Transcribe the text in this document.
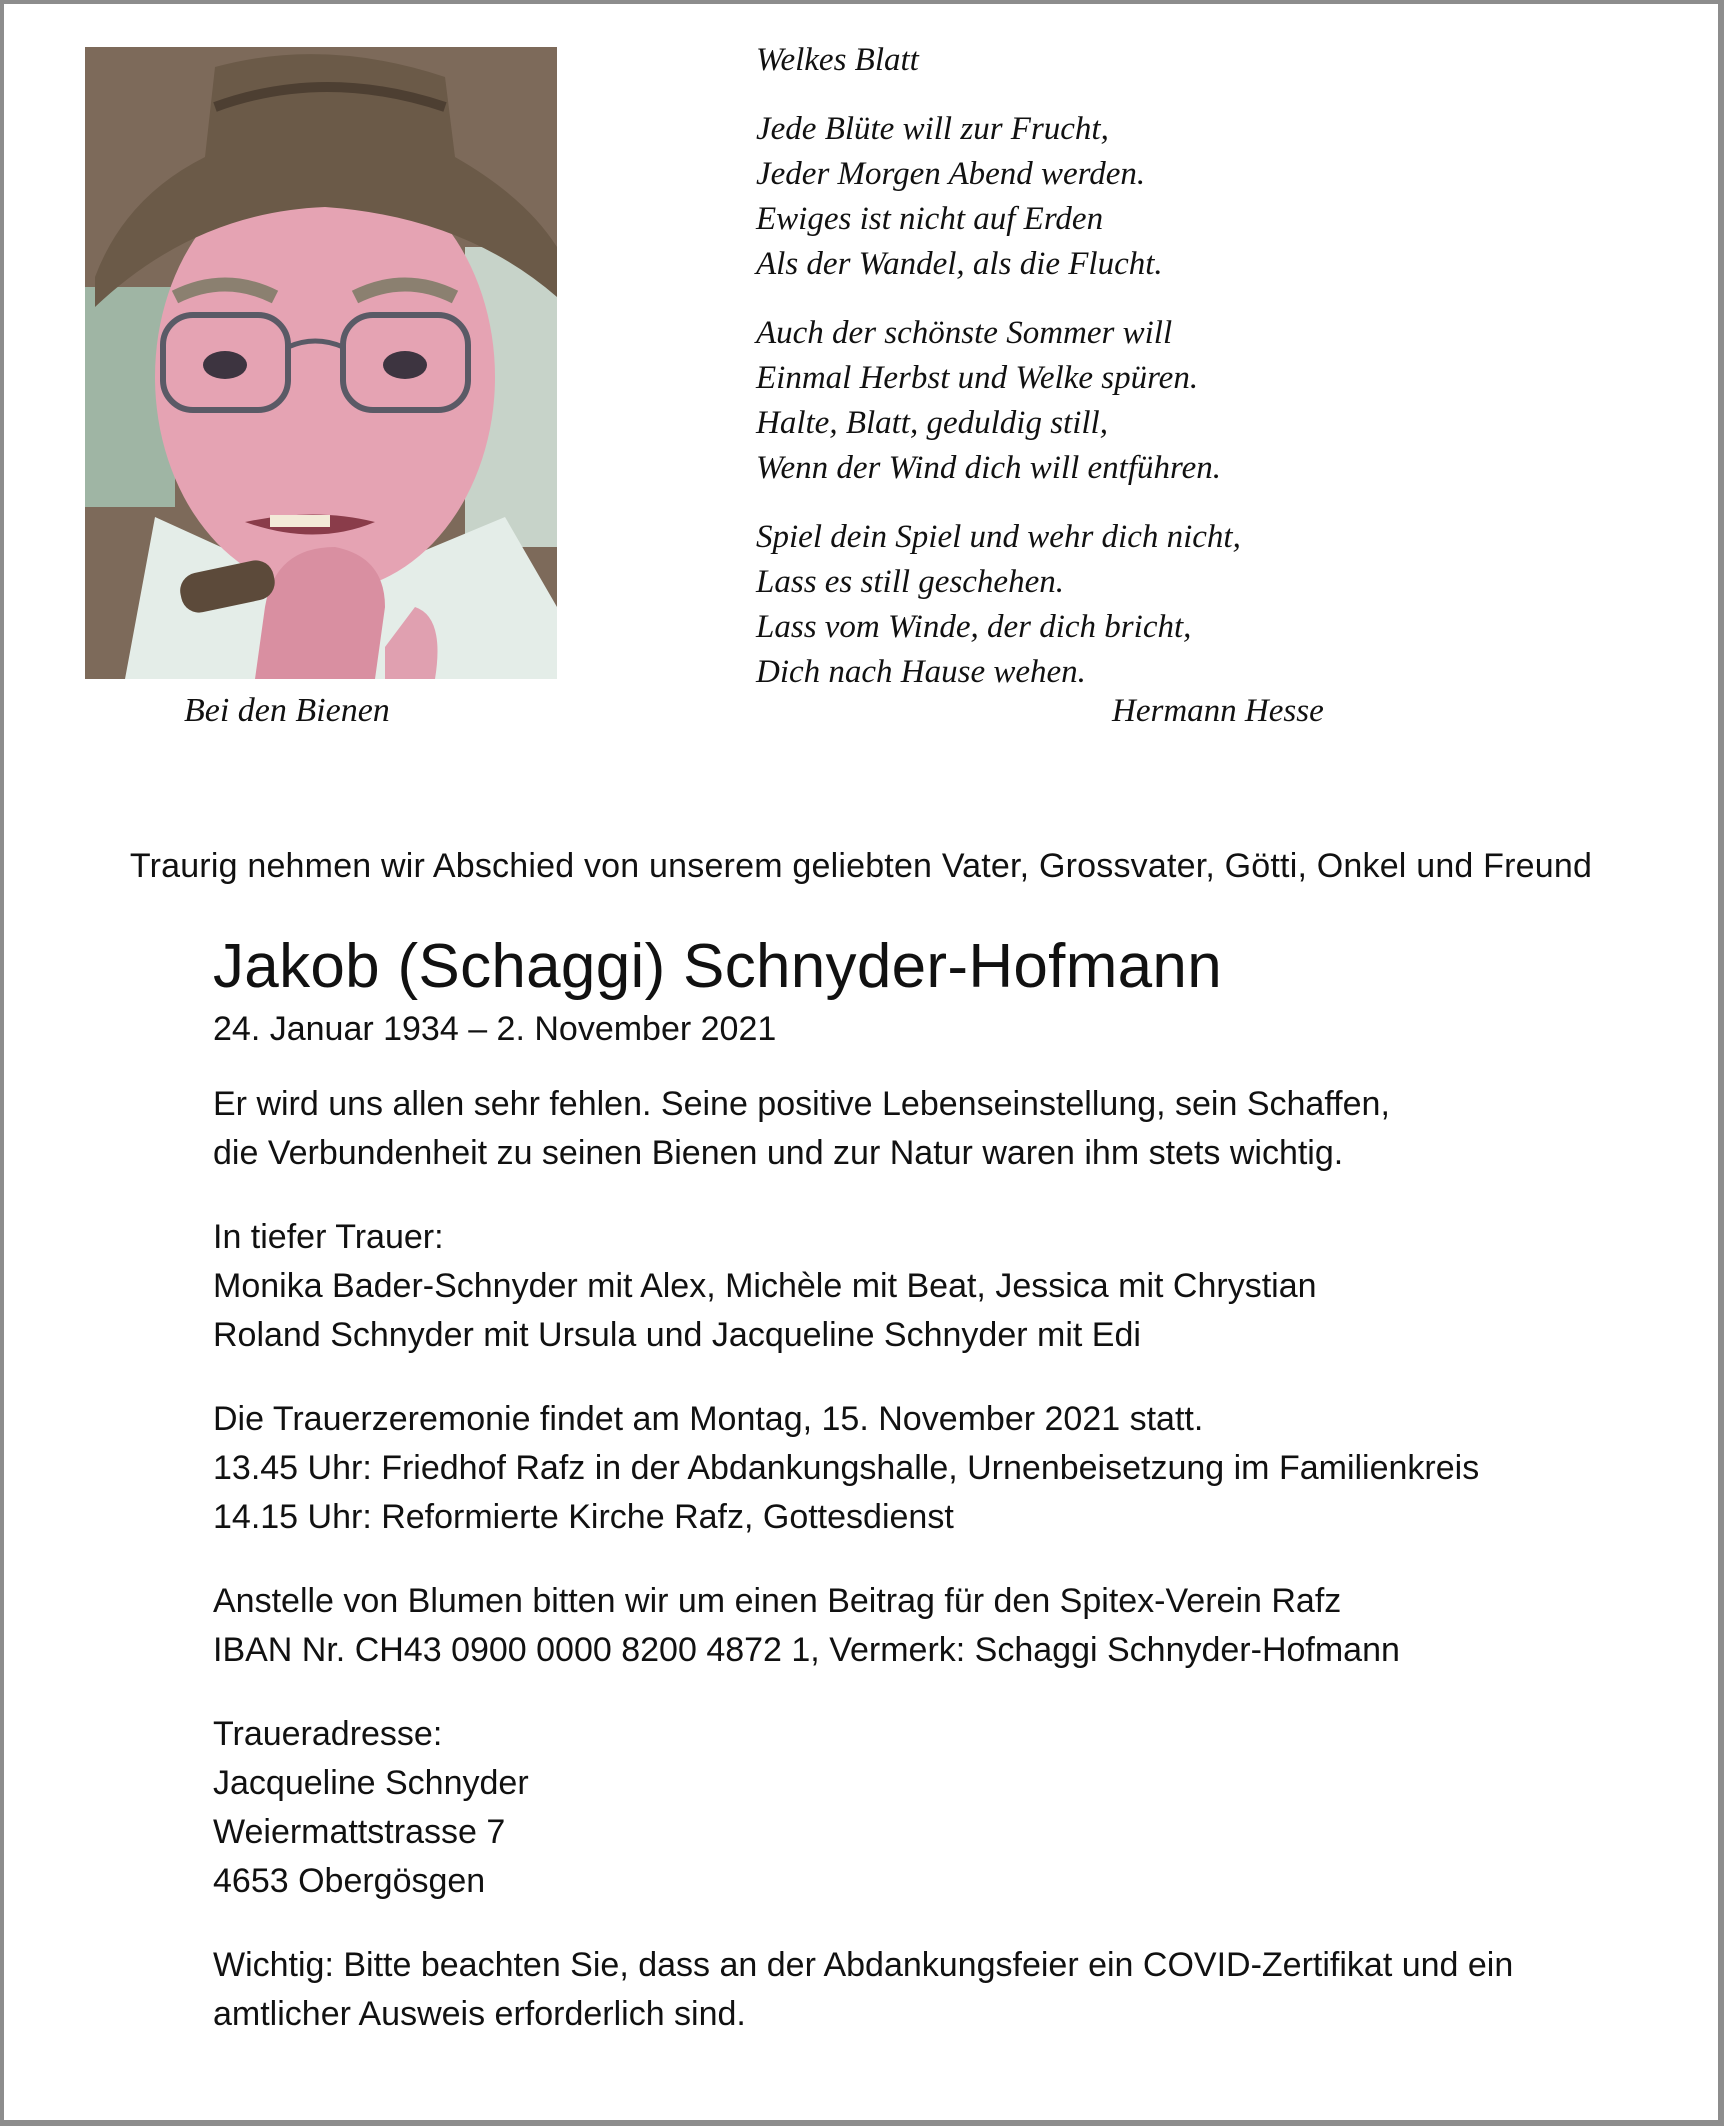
Bei den Bienen
Welkes Blatt
Jede Blüte will zur Frucht,
Jeder Morgen Abend werden.
Ewiges ist nicht auf Erden
Als der Wandel, als die Flucht.
Auch der schönste Sommer will
Einmal Herbst und Welke spüren.
Halte, Blatt, geduldig still,
Wenn der Wind dich will entführen.
Spiel dein Spiel und wehr dich nicht,
Lass es still geschehen.
Lass vom Winde, der dich bricht,
Dich nach Hause wehen.
Hermann Hesse
Traurig nehmen wir Abschied von unserem geliebten Vater, Grossvater, Götti, Onkel und Freund
Jakob (Schaggi) Schnyder-Hofmann
24. Januar 1934 – 2. November 2021
Er wird uns allen sehr fehlen. Seine positive Lebenseinstellung, sein Schaffen,
die Verbundenheit zu seinen Bienen und zur Natur waren ihm stets wichtig.
In tiefer Trauer:
Monika Bader-Schnyder mit Alex, Michèle mit Beat, Jessica mit Chrystian
Roland Schnyder mit Ursula und Jacqueline Schnyder mit Edi
Die Trauerzeremonie findet am Montag, 15. November 2021 statt.
13.45 Uhr: Friedhof Rafz in der Abdankungshalle, Urnenbeisetzung im Familienkreis
14.15 Uhr: Reformierte Kirche Rafz, Gottesdienst
Anstelle von Blumen bitten wir um einen Beitrag für den Spitex-Verein Rafz
IBAN Nr. CH43 0900 0000 8200 4872 1, Vermerk: Schaggi Schnyder-Hofmann
Traueradresse:
Jacqueline Schnyder
Weiermattstrasse 7
4653 Obergösgen
Wichtig: Bitte beachten Sie, dass an der Abdankungsfeier ein COVID-Zertifikat und ein
amtlicher Ausweis erforderlich sind.
